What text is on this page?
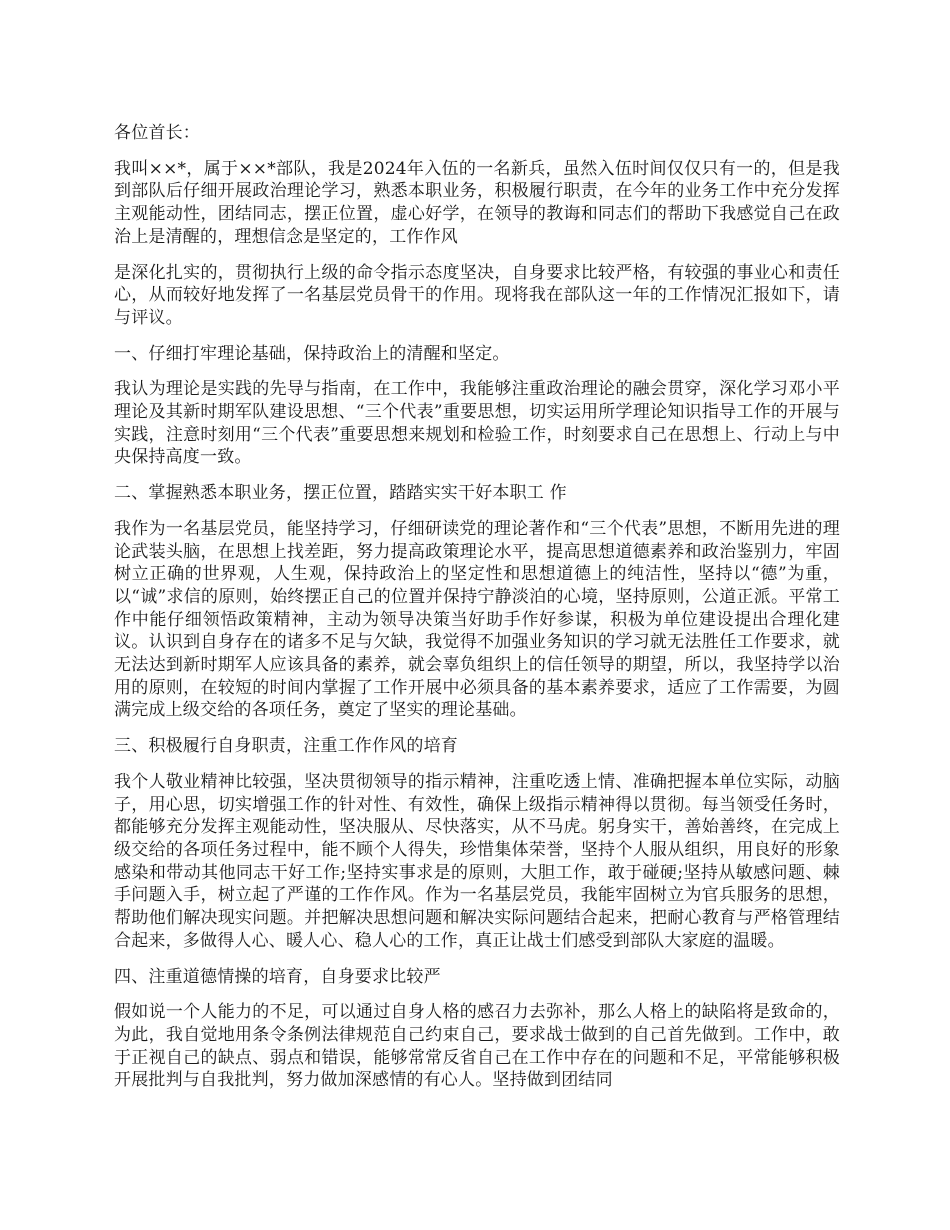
各位首长：

我叫××*，属于××*部队，我是2024年入伍的一名新兵，虽然入伍时间仅仅只有一的，但是我到部队后仔细开展政治理论学习，熟悉本职业务，积极履行职责，在今年的业务工作中充分发挥主观能动性，团结同志，摆正位置，虚心好学，在领导的教诲和同志们的帮助下我感觉自己在政治上是清醒的，理想信念是坚定的，工作作风

是深化扎实的，贯彻执行上级的命令指示态度坚决，自身要求比较严格，有较强的事业心和责任心，从而较好地发挥了一名基层党员骨干的作用。现将我在部队这一年的工作情况汇报如下，请与评议。

一、仔细打牢理论基础，保持政治上的清醒和坚定。

我认为理论是实践的先导与指南，在工作中，我能够注重政治理论的融会贯穿，深化学习邓小平理论及其新时期军队建设思想、“三个代表”重要思想，切实运用所学理论知识指导工作的开展与实践，注意时刻用“三个代表”重要思想来规划和检验工作，时刻要求自己在思想上、行动上与中央保持高度一致。

二、掌握熟悉本职业务，摆正位置，踏踏实实干好本职工 作

我作为一名基层党员，能坚持学习，仔细研读党的理论著作和“三个代表”思想，不断用先进的理论武装头脑，在思想上找差距，努力提高政策理论水平，提高思想道德素养和政治鉴别力，牢固树立正确的世界观，人生观，保持政治上的坚定性和思想道德上的纯洁性，坚持以“德”为重，以“诚”求信的原则，始终摆正自己的位置并保持宁静淡泊的心境，坚持原则，公道正派。平常工作中能仔细领悟政策精神，主动为领导决策当好助手作好参谋，积极为单位建设提出合理化建议。认识到自身存在的诸多不足与欠缺，我觉得不加强业务知识的学习就无法胜任工作要求，就无法达到新时期军人应该具备的素养，就会辜负组织上的信任领导的期望，所以，我坚持学以治用的原则，在较短的时间内掌握了工作开展中必须具备的基本素养要求，适应了工作需要，为圆满完成上级交给的各项任务，奠定了坚实的理论基础。

三、积极履行自身职责，注重工作作风的培育

我个人敬业精神比较强，坚决贯彻领导的指示精神，注重吃透上情、准确把握本单位实际，动脑子，用心思，切实增强工作的针对性、有效性，确保上级指示精神得以贯彻。每当领受任务时，都能够充分发挥主观能动性，坚决服从、尽快落实，从不马虎。躬身实干，善始善终，在完成上级交给的各项任务过程中，能不顾个人得失，珍惜集体荣誉，坚持个人服从组织，用良好的形象感染和带动其他同志干好工作;坚持实事求是的原则，大胆工作，敢于碰硬;坚持从敏感问题、棘手问题入手，树立起了严谨的工作作风。作为一名基层党员，我能牢固树立为官兵服务的思想，帮助他们解决现实问题。并把解决思想问题和解决实际问题结合起来，把耐心教育与严格管理结合起来，多做得人心、暖人心、稳人心的工作，真正让战士们感受到部队大家庭的温暖。

四、注重道德情操的培育，自身要求比较严

假如说一个人能力的不足，可以通过自身人格的感召力去弥补，那么人格上的缺陷将是致命的，为此，我自觉地用条令条例法律规范自己约束自己，要求战士做到的自己首先做到。工作中，敢于正视自己的缺点、弱点和错误，能够常常反省自己在工作中存在的问题和不足，平常能够积极开展批判与自我批判，努力做加深感情的有心人。坚持做到团结同
